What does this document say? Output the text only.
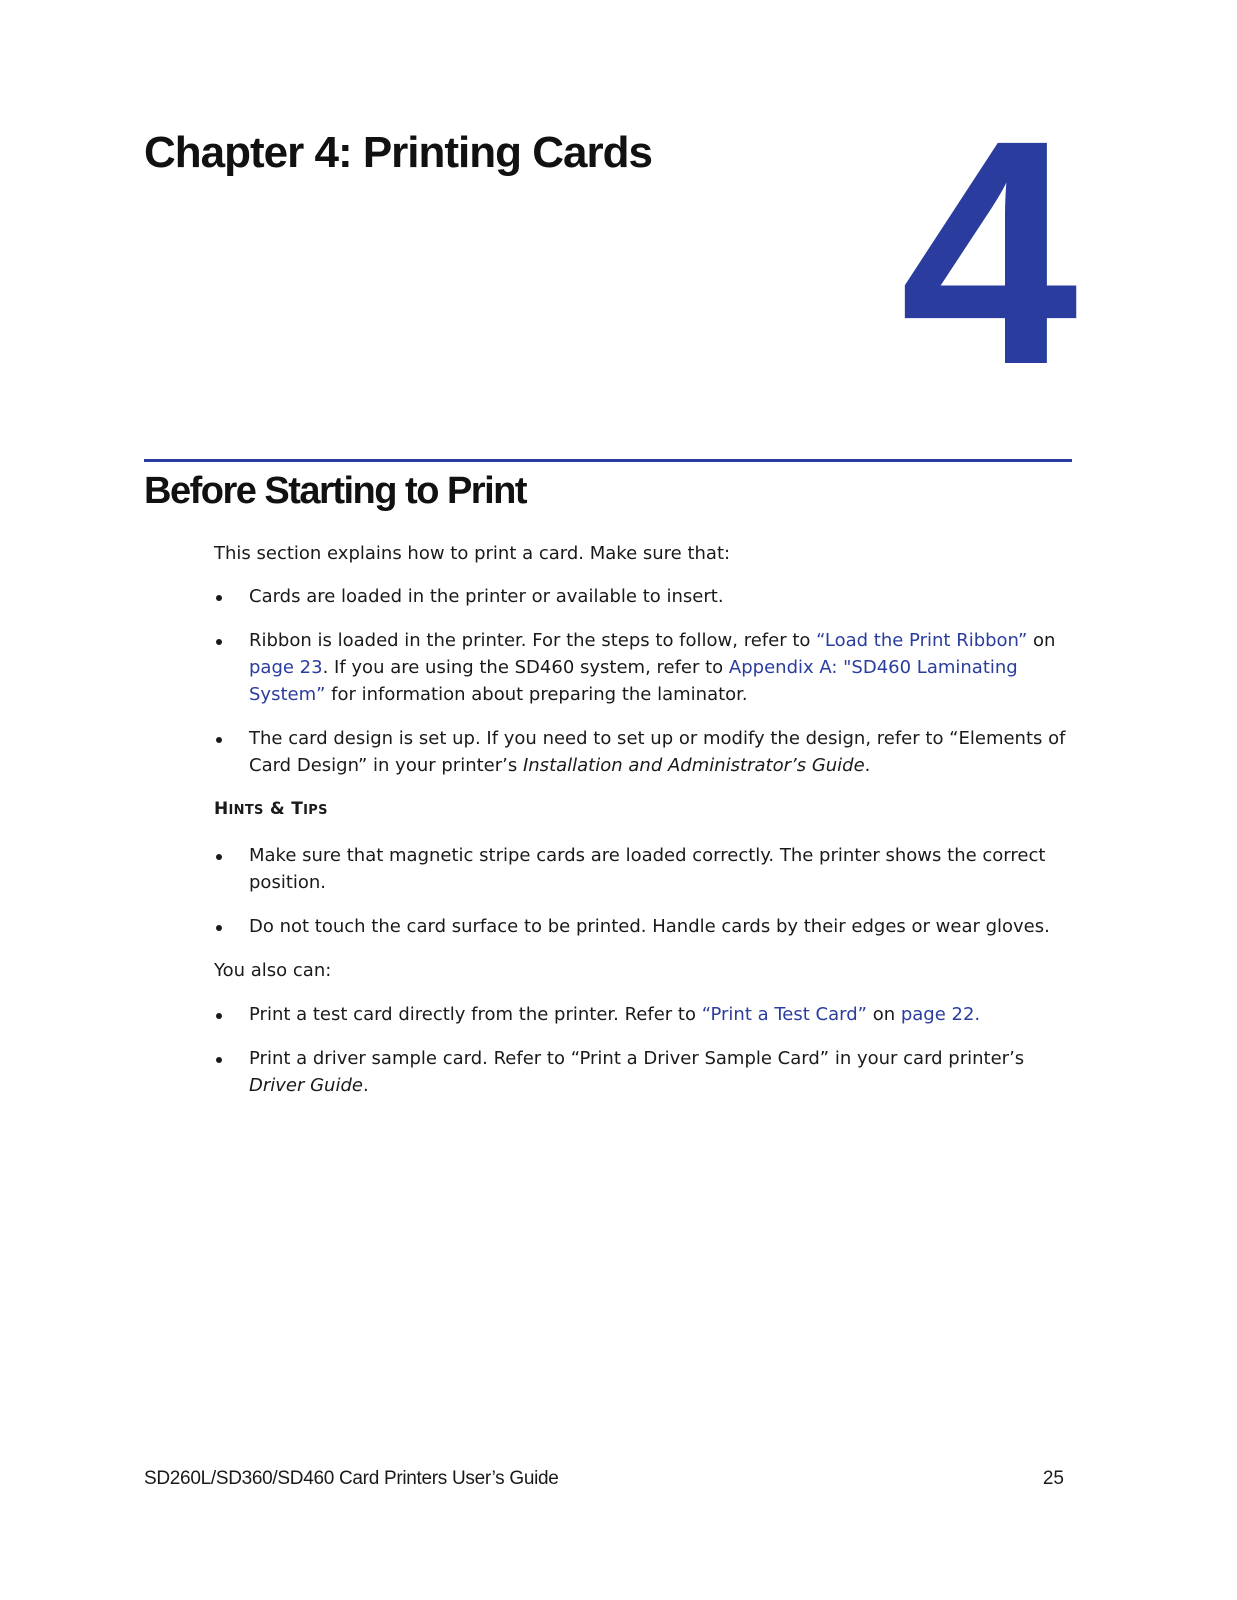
Chapter 4: Printing Cards 4
Before Starting to Print

This section explains how to print a card. Make sure that:

Cards are loaded in the printer or available to insert.
Ribbon is loaded in the printer. For the steps to follow, refer to “Load the Print Ribbon” on page 23. If you are using the SD460 system, refer to Appendix A: "SD460 Laminating System” for information about preparing the laminator.
The card design is set up. If you need to set up or modify the design, refer to “Elements of Card Design” in your printer’s Installation and Administrator’s Guide.

HINTS & TIPS

Make sure that magnetic stripe cards are loaded correctly. The printer shows the correct position.
Do not touch the card surface to be printed. Handle cards by their edges or wear gloves.

You also can:

Print a test card directly from the printer. Refer to “Print a Test Card” on page 22.
Print a driver sample card. Refer to “Print a Driver Sample Card” in your card printer’s Driver Guide.
SD260L/SD360/SD460 Card Printers User’s Guide	25
